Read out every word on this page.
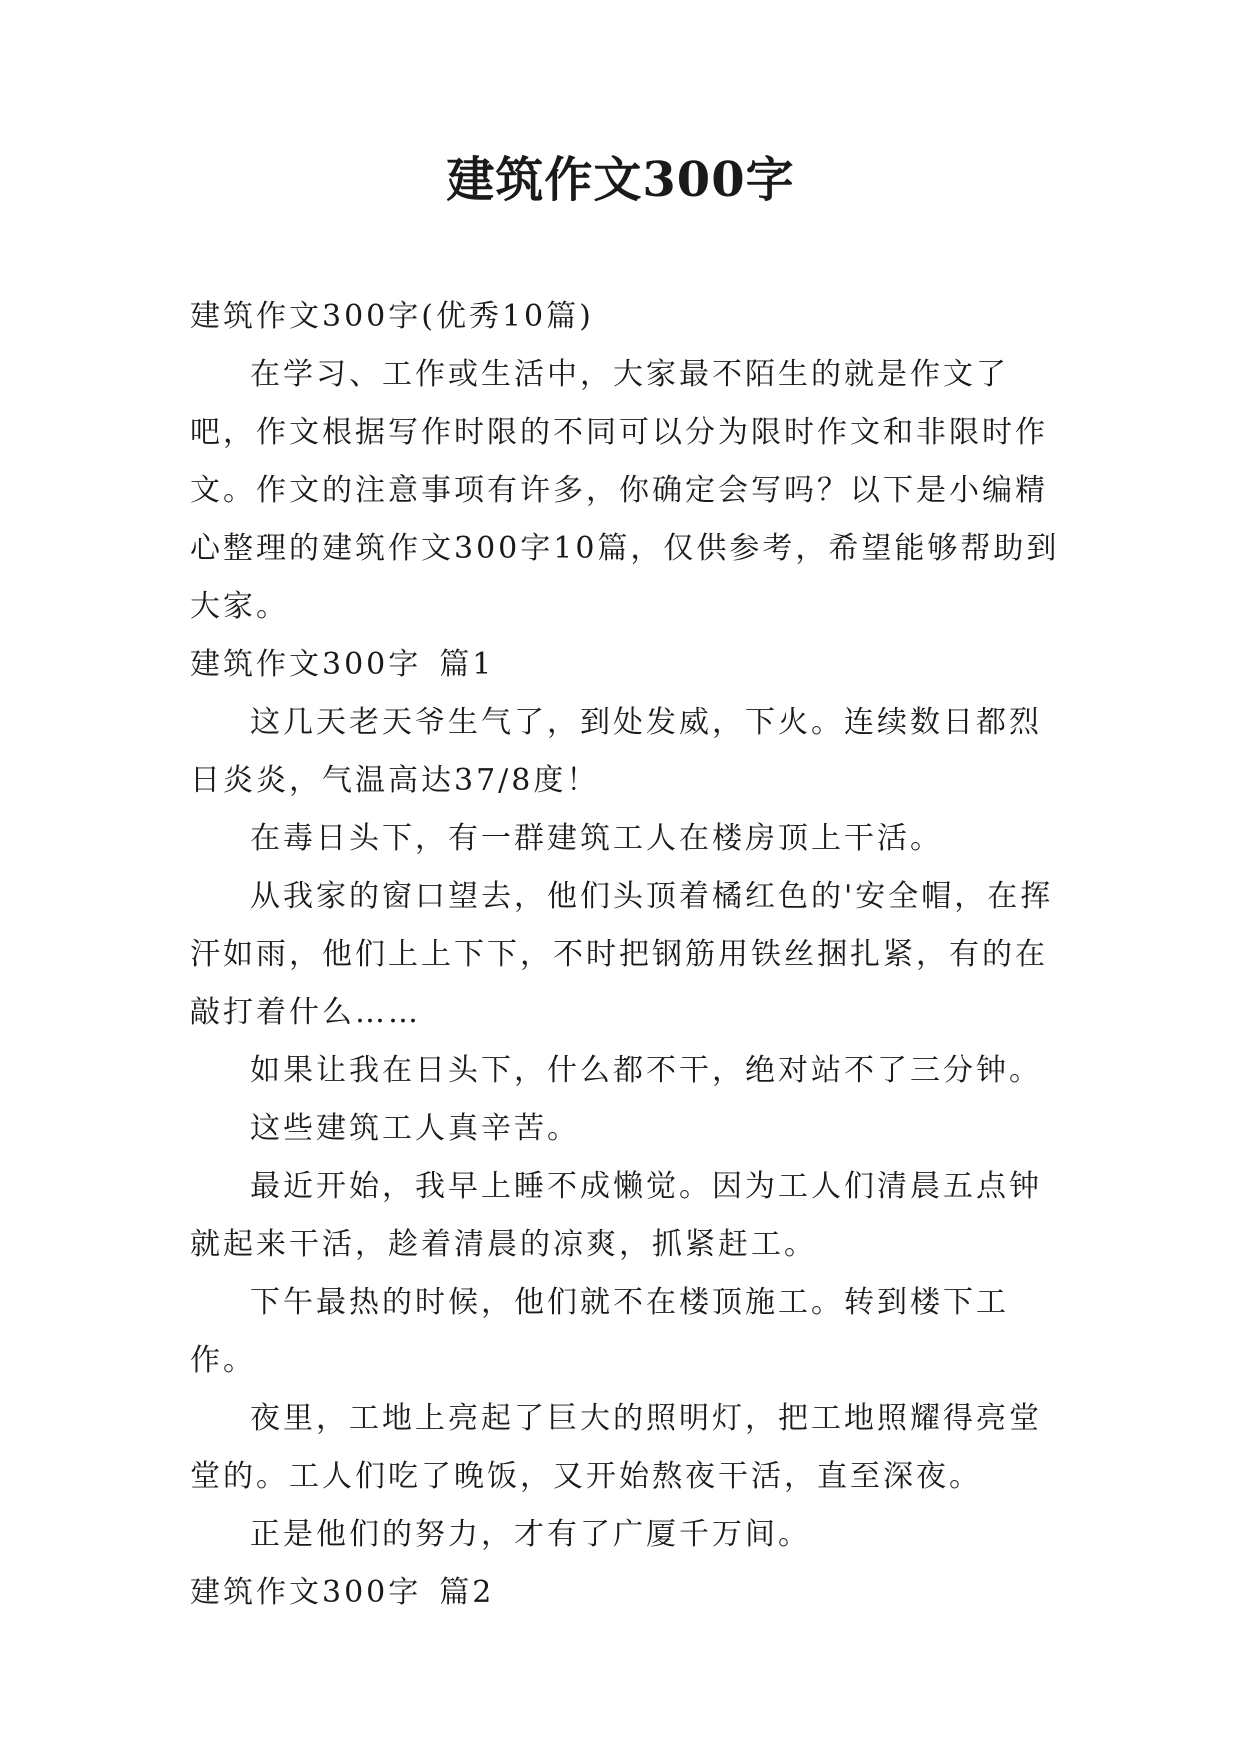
建筑作文300字

建筑作文300字(优秀10篇)

在学习、工作或生活中，大家最不陌生的就是作文了吧，作文根据写作时限的不同可以分为限时作文和非限时作文。作文的注意事项有许多，你确定会写吗？以下是小编精心整理的建筑作文300字10篇，仅供参考，希望能够帮助到大家。

建筑作文300字 篇1

这几天老天爷生气了，到处发威，下火。连续数日都烈日炎炎，气温高达37/8度！

在毒日头下，有一群建筑工人在楼房顶上干活。

从我家的窗口望去，他们头顶着橘红色的'安全帽，在挥汗如雨，他们上上下下，不时把钢筋用铁丝捆扎紧，有的在敲打着什么……

如果让我在日头下，什么都不干，绝对站不了三分钟。

这些建筑工人真辛苦。

最近开始，我早上睡不成懒觉。因为工人们清晨五点钟就起来干活，趁着清晨的凉爽，抓紧赶工。

下午最热的时候，他们就不在楼顶施工。转到楼下工作。

夜里，工地上亮起了巨大的照明灯，把工地照耀得亮堂堂的。工人们吃了晚饭，又开始熬夜干活，直至深夜。

正是他们的努力，才有了广厦千万间。

建筑作文300字 篇2
